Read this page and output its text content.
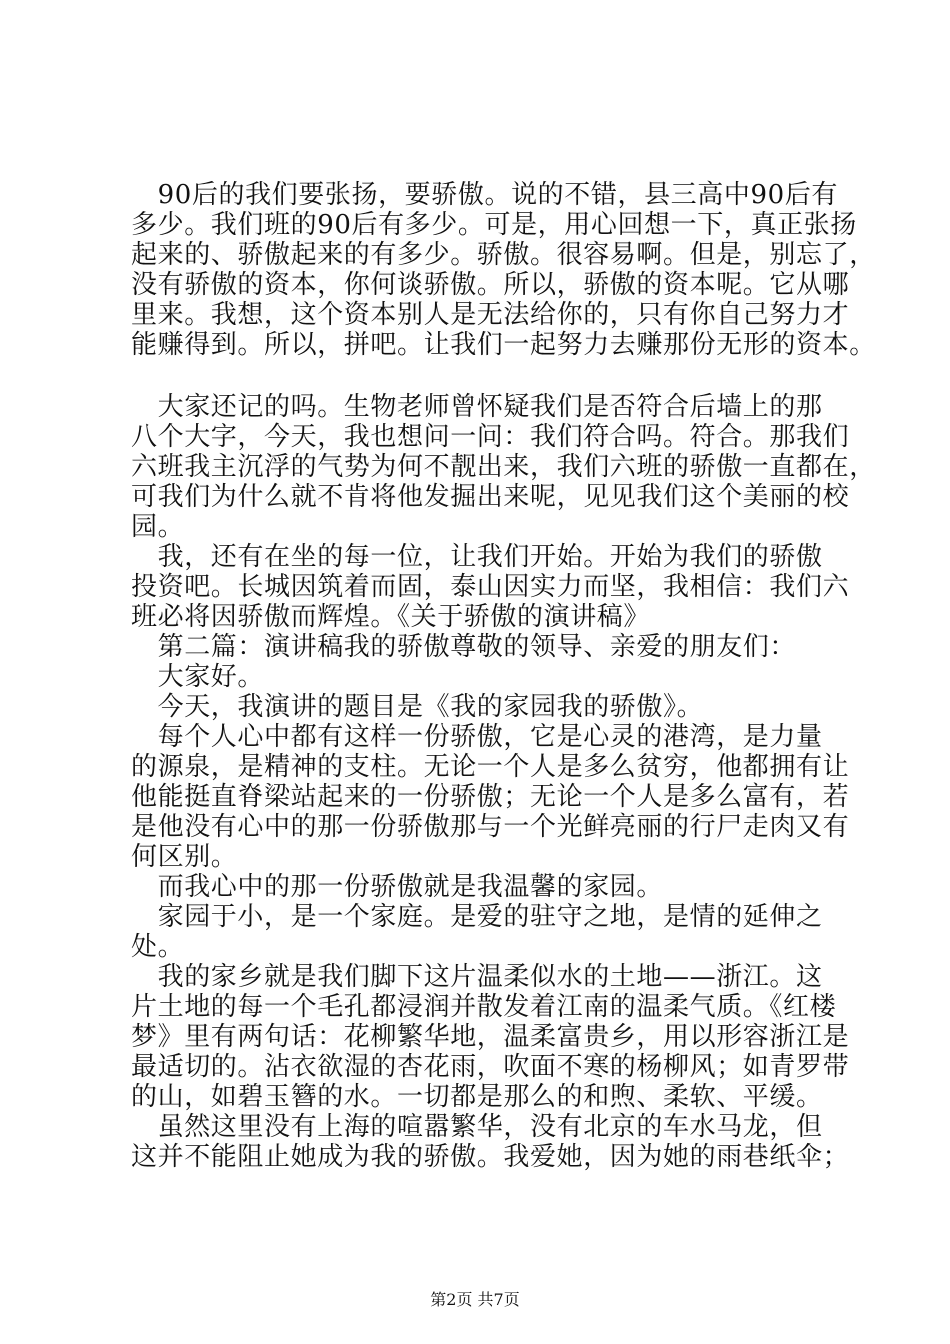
　90后的我们要张扬，要骄傲。说的不错，县三高中90后有
多少。我们班的90后有多少。可是，用心回想一下，真正张扬
起来的、骄傲起来的有多少。骄傲。很容易啊。但是，别忘了，
没有骄傲的资本，你何谈骄傲。所以，骄傲的资本呢。它从哪
里来。我想，这个资本别人是无法给你的，只有你自己努力才
能赚得到。所以，拼吧。让我们一起努力去赚那份无形的资本。
　大家还记的吗。生物老师曾怀疑我们是否符合后墙上的那
八个大字，今天，我也想问一问：我们符合吗。符合。那我们
六班我主沉浮的气势为何不靓出来，我们六班的骄傲一直都在，
可我们为什么就不肯将他发掘出来呢，见见我们这个美丽的校
园。
　我，还有在坐的每一位，让我们开始。开始为我们的骄傲
投资吧。长城因筑着而固，泰山因实力而坚，我相信：我们六
班必将因骄傲而辉煌。《关于骄傲的演讲稿》
　第二篇：演讲稿我的骄傲尊敬的领导、亲爱的朋友们：
　大家好。
　今天，我演讲的题目是《我的家园我的骄傲》。
　每个人心中都有这样一份骄傲，它是心灵的港湾，是力量
的源泉，是精神的支柱。无论一个人是多么贫穷，他都拥有让
他能挺直脊梁站起来的一份骄傲；无论一个人是多么富有，若
是他没有心中的那一份骄傲那与一个光鲜亮丽的行尸走肉又有
何区别。
　而我心中的那一份骄傲就是我温馨的家园。
　家园于小，是一个家庭。是爱的驻守之地，是情的延伸之
处。
　我的家乡就是我们脚下这片温柔似水的土地——浙江。这
片土地的每一个毛孔都浸润并散发着江南的温柔气质。《红楼
梦》里有两句话：花柳繁华地，温柔富贵乡，用以形容浙江是
最适切的。沾衣欲湿的杏花雨，吹面不寒的杨柳风；如青罗带
的山，如碧玉簪的水。一切都是那么的和煦、柔软、平缓。
　虽然这里没有上海的喧嚣繁华，没有北京的车水马龙，但
这并不能阻止她成为我的骄傲。我爱她，因为她的雨巷纸伞；
第2页 共7页
